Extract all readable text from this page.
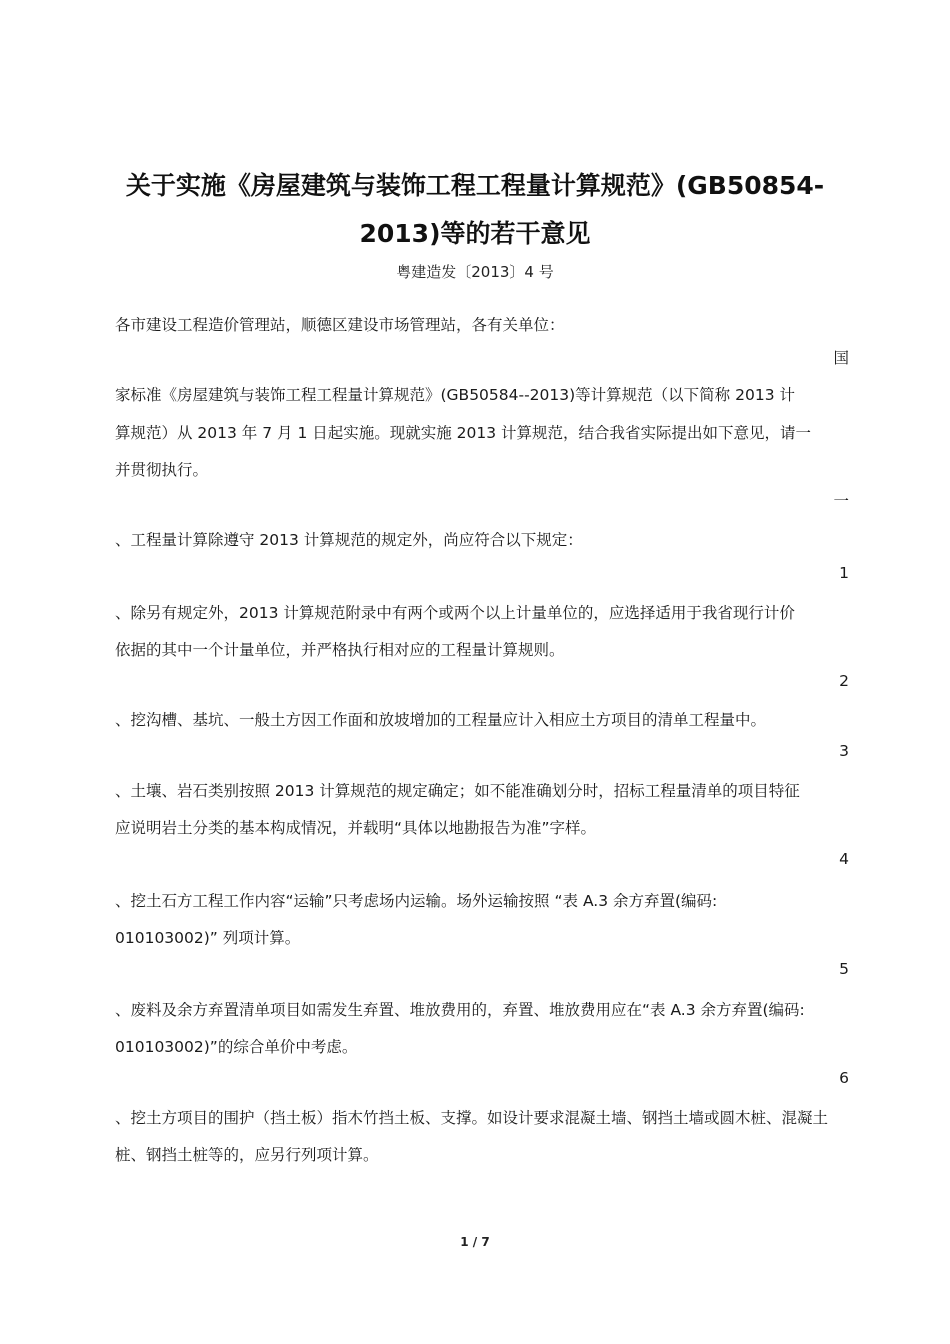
关于实施《房屋建筑与装饰工程工程量计算规范》(GB50854-
2013)等的若干意见
粤建造发〔2013〕4 号
各市建设工程造价管理站，顺德区建设市场管理站，各有关单位：
国
家标准《房屋建筑与装饰工程工程量计算规范》(GB50584--2013)等计算规范（以下简称 2013 计
算规范）从 2013 年 7 月 1 日起实施。现就实施 2013 计算规范，结合我省实际提出如下意见，请一
并贯彻执行。
一
、工程量计算除遵守 2013 计算规范的规定外，尚应符合以下规定：
1
、除另有规定外，2013 计算规范附录中有两个或两个以上计量单位的，应选择适用于我省现行计价
依据的其中一个计量单位，并严格执行相对应的工程量计算规则。
2
、挖沟槽、基坑、一般土方因工作面和放坡增加的工程量应计入相应土方项目的清单工程量中。
3
、土壤、岩石类别按照 2013 计算规范的规定确定；如不能准确划分时，招标工程量清单的项目特征
应说明岩土分类的基本构成情况，并载明“具体以地勘报告为准”字样。
4
、挖土石方工程工作内容“运输”只考虑场内运输。场外运输按照 “表 A.3 余方弃置(编码:
010103002)” 列项计算。
5
、废料及余方弃置清单项目如需发生弃置、堆放费用的，弃置、堆放费用应在“表 A.3 余方弃置(编码:
010103002)”的综合单价中考虑。
6
、挖土方项目的围护（挡土板）指木竹挡土板、支撑。如设计要求混凝土墙、钢挡土墙或圆木桩、混凝土
桩、钢挡土桩等的，应另行列项计算。
1 / 7
